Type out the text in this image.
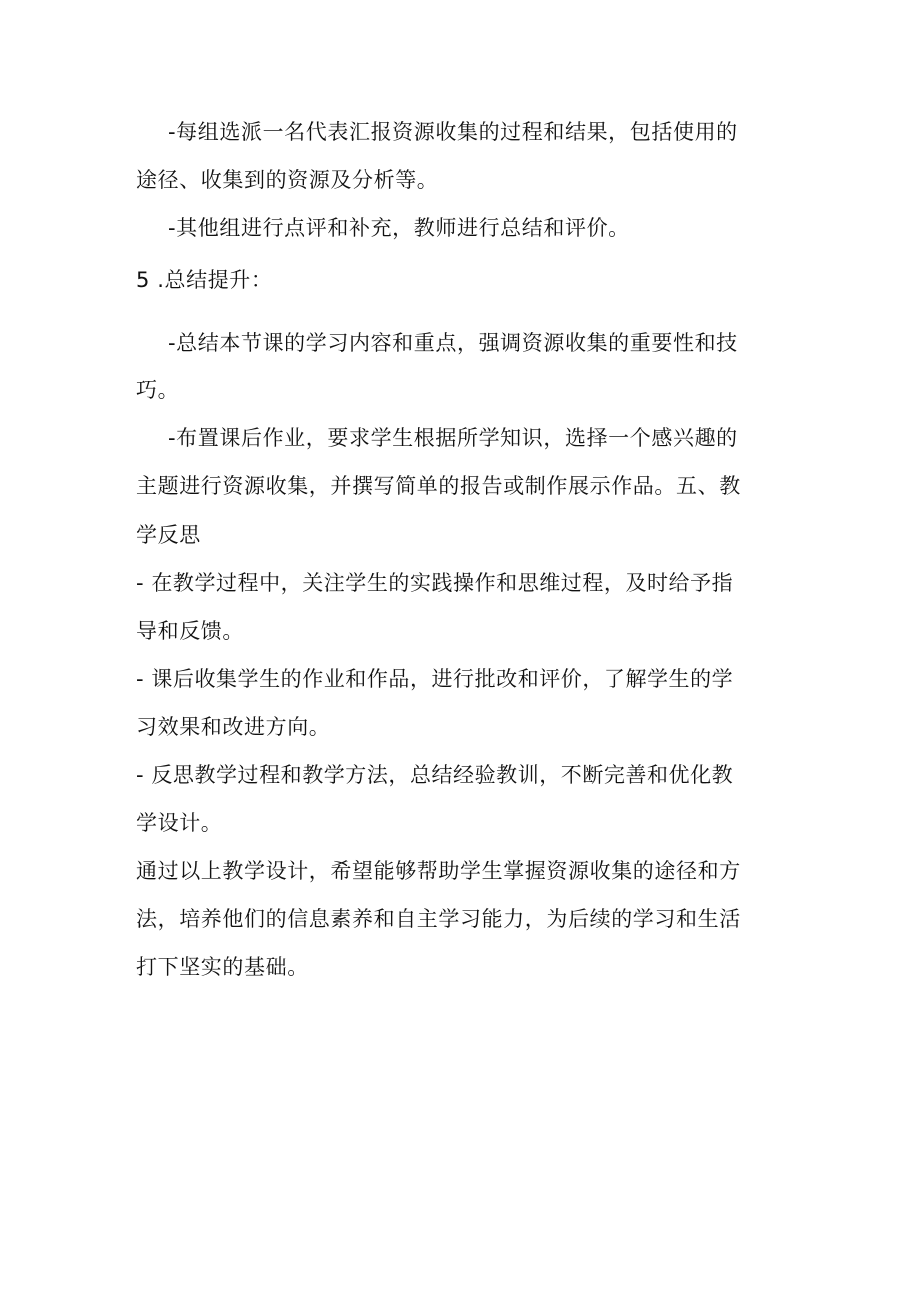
-每组选派一名代表汇报资源收集的过程和结果，包括使用的
途径、收集到的资源及分析等。
-其他组进行点评和补充，教师进行总结和评价。
5 .总结提升：
-总结本节课的学习内容和重点，强调资源收集的重要性和技
巧。
-布置课后作业，要求学生根据所学知识，选择一个感兴趣的
主题进行资源收集，并撰写简单的报告或制作展示作品。五、教
学反思
- 在教学过程中，关注学生的实践操作和思维过程，及时给予指
导和反馈。
- 课后收集学生的作业和作品，进行批改和评价，了解学生的学
习效果和改进方向。
- 反思教学过程和教学方法，总结经验教训，不断完善和优化教
学设计。
通过以上教学设计，希望能够帮助学生掌握资源收集的途径和方
法，培养他们的信息素养和自主学习能力，为后续的学习和生活
打下坚实的基础。
